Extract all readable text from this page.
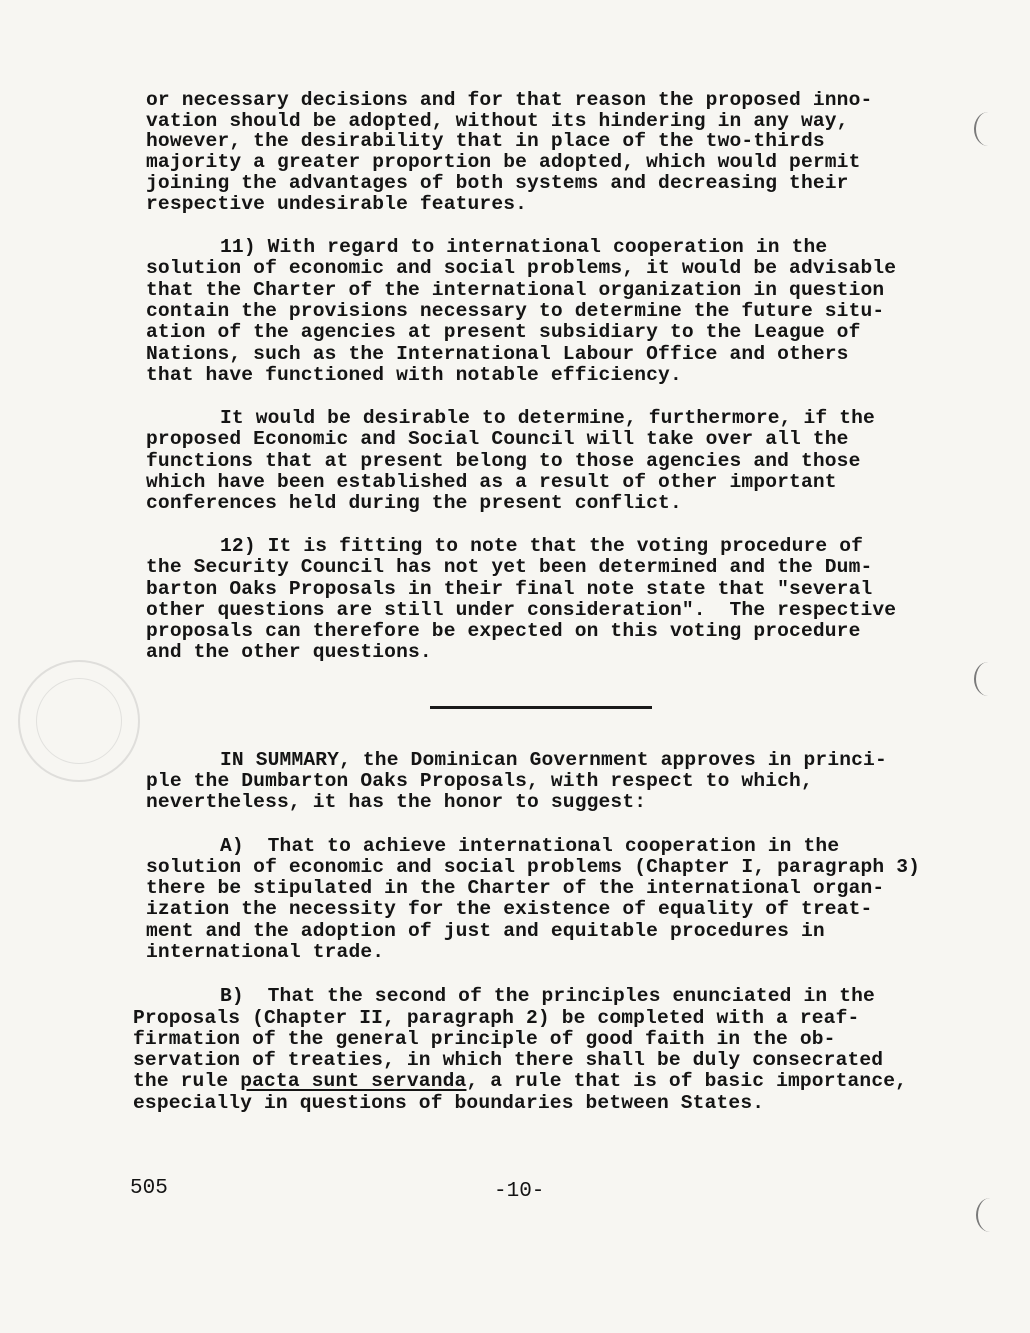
or necessary decisions and for that reason the proposed inno-
vation should be adopted, without its hindering in any way,
however, the desirability that in place of the two-thirds
majority a greater proportion be adopted, which would permit
joining the advantages of both systems and decreasing their
respective undesirable features.
11) With regard to international cooperation in the
solution of economic and social problems, it would be advisable
that the Charter of the international organization in question
contain the provisions necessary to determine the future situ-
ation of the agencies at present subsidiary to the League of
Nations, such as the International Labour Office and others
that have functioned with notable efficiency.
It would be desirable to determine, furthermore, if the
proposed Economic and Social Council will take over all the
functions that at present belong to those agencies and those
which have been established as a result of other important
conferences held during the present conflict.
12) It is fitting to note that the voting procedure of
the Security Council has not yet been determined and the Dum-
barton Oaks Proposals in their final note state that "several
other questions are still under consideration".  The respective
proposals can therefore be expected on this voting procedure
and the other questions.
IN SUMMARY, the Dominican Government approves in princi-
ple the Dumbarton Oaks Proposals, with respect to which,
nevertheless, it has the honor to suggest:
A)  That to achieve international cooperation in the
solution of economic and social problems (Chapter I, paragraph 3)
there be stipulated in the Charter of the international organ-
ization the necessity for the existence of equality of treat-
ment and the adoption of just and equitable procedures in
international trade.
B)  That the second of the principles enunciated in the
Proposals (Chapter II, paragraph 2) be completed with a reaf-
firmation of the general principle of good faith in the ob-
servation of treaties, in which there shall be duly consecrated
the rule pacta sunt servanda, a rule that is of basic importance,
especially in questions of boundaries between States.
505	-10-
